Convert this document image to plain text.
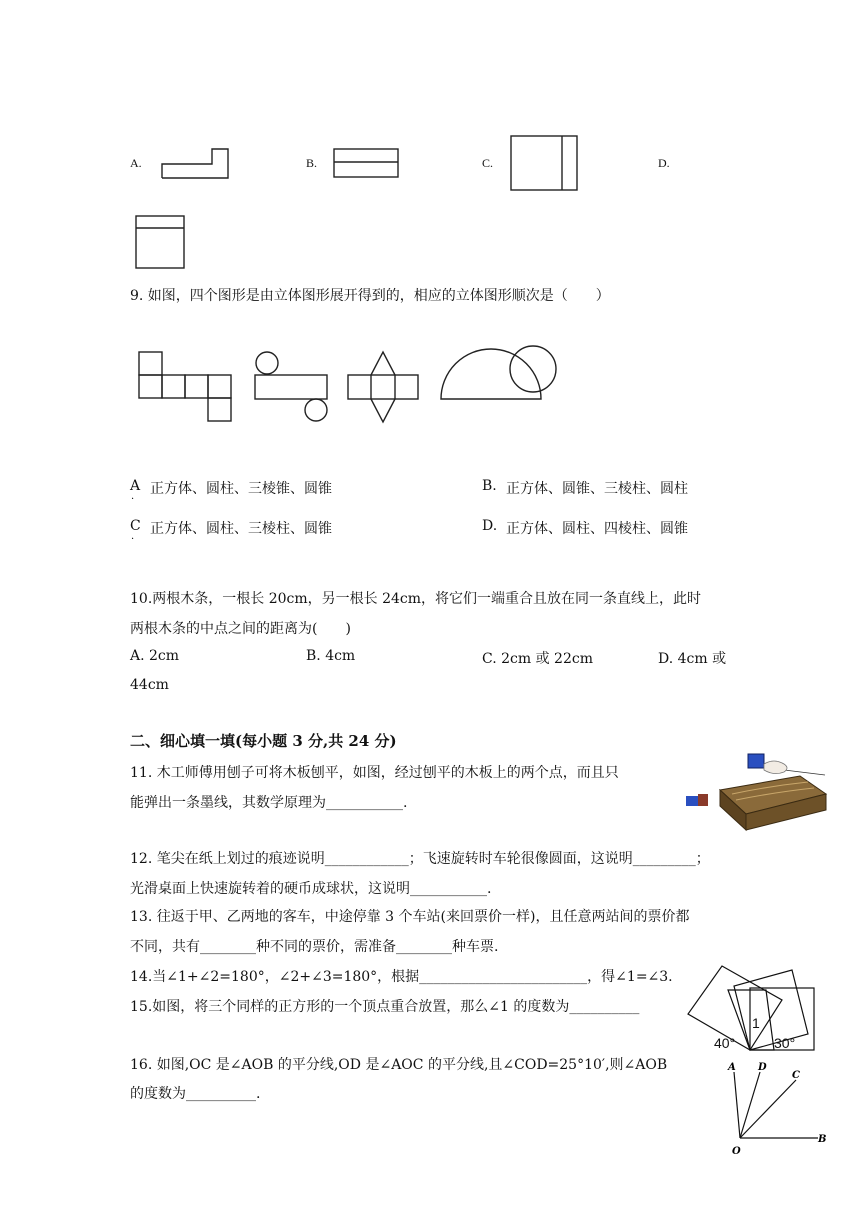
A.	B.	C.	D.
9. 如图，四个图形是由立体图形展开得到的，相应的立体图形顺次是（　　）
A
·
正方体、圆柱、三棱锥、圆锥	B. 正方体、圆锥、三棱柱、圆柱
C
·
正方体、圆柱、三棱柱、圆锥	D. 正方体、圆柱、四棱柱、圆锥
10.两根木条，一根长 20cm，另一根长 24cm，将它们一端重合且放在同一条直线上，此时
两根木条的中点之间的距离为(　　)
A. 2cm	B. 4cm	C. 2cm 或 22cm	D. 4cm 或
44cm
二、细心填一填(每小题 3 分,共 24 分)
11. 木工师傅用刨子可将木板刨平，如图，经过刨平的木板上的两个点，而且只
能弹出一条墨线，其数学原理为___________.
12. 笔尖在纸上划过的痕迹说明____________；飞速旋转时车轮很像圆面，这说明_________；
光滑桌面上快速旋转着的硬币成球状，这说明___________.
13. 往返于甲、乙两地的客车，中途停靠 3 个车站(来回票价一样)，且任意两站间的票价都
不同，共有________种不同的票价，需准备________种车票.
14.当∠1+∠2=180°，∠2+∠3=180°，根据________________________，得∠1=∠3.
15.如图，将三个同样的正方形的一个顶点重合放置，那么∠1 的度数为__________
40°
1
30°
16. 如图,OC 是∠AOB 的平分线,OD 是∠AOC 的平分线,且∠COD=25°10′,则∠AOB
的度数为__________.
A D
C
O
B
